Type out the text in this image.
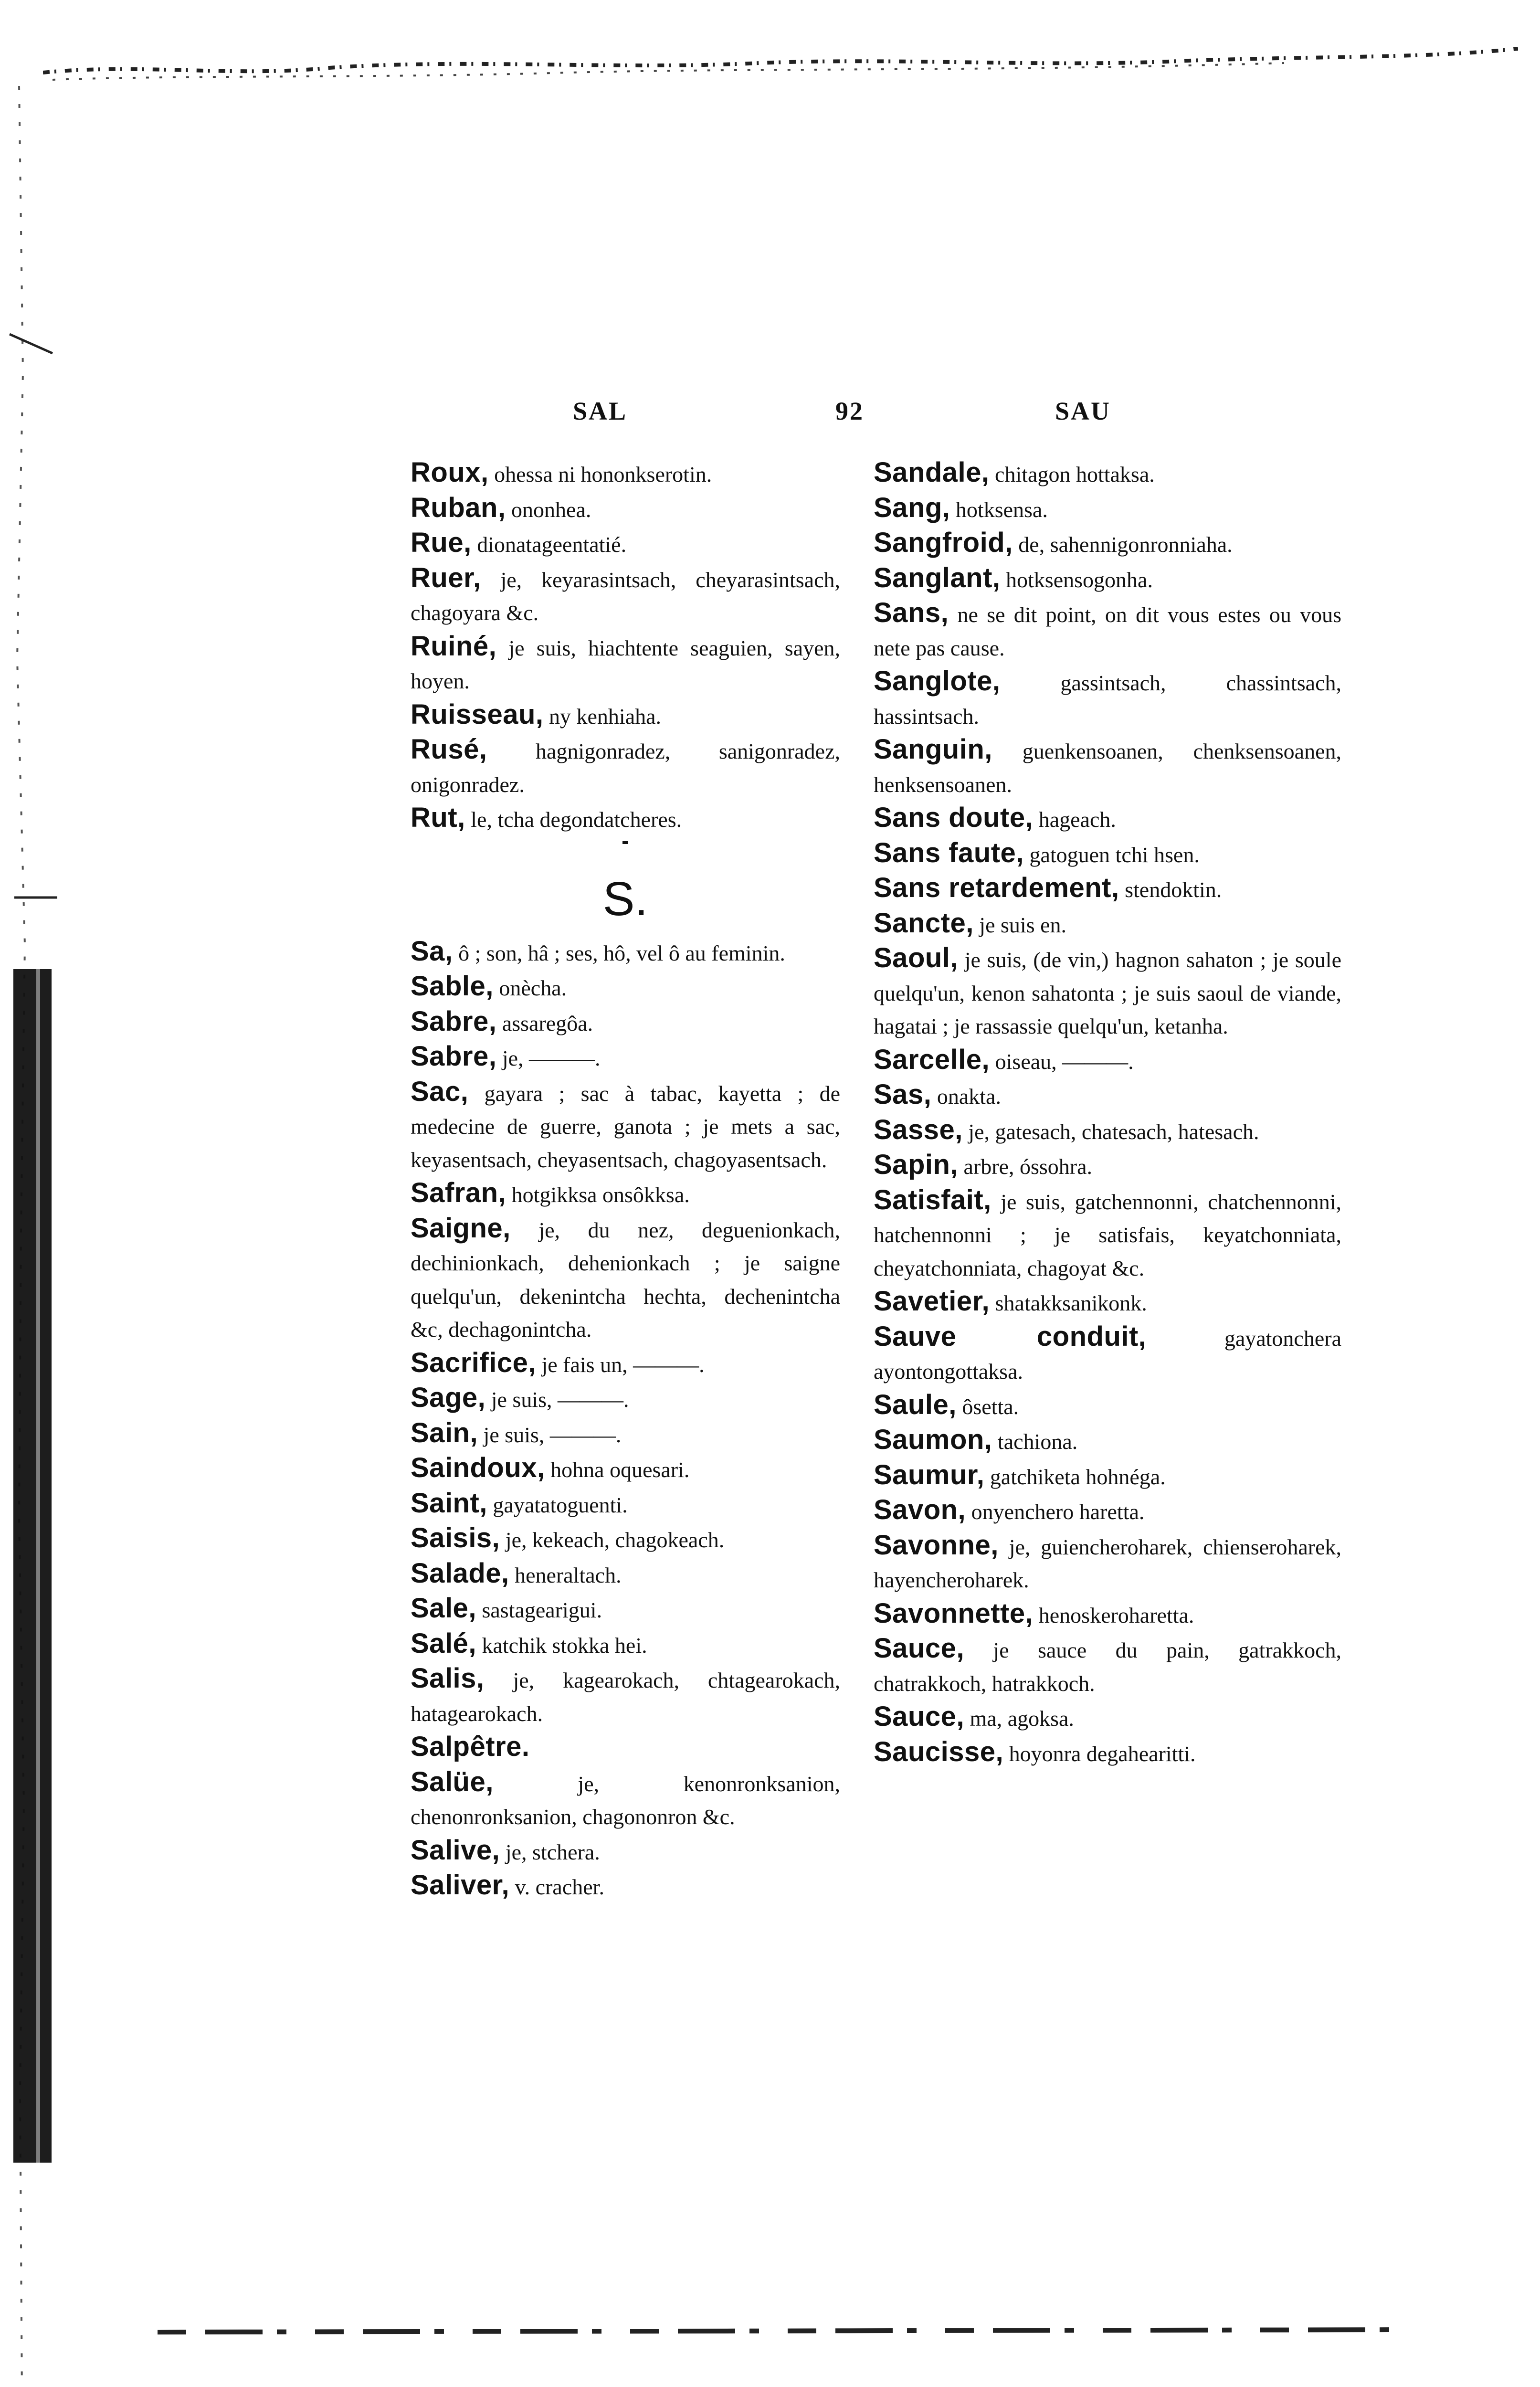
SAL	92	SAU
Roux, ohessa ni hononkserotin.
Ruban, ononhea.
Rue, dionatageentatié.
Ruer, je, keyarasintsach, cheyarasintsach, chagoyara &c.
Ruiné, je suis, hiachtente seaguien, sayen, hoyen.
Ruisseau, ny kenhiaha.
Rusé, hagnigonradez, sanigonradez, onigonradez.
Rut, le, tcha degondatcheres.
S.
Sa, ô ; son, hâ ; ses, hô, vel ô au feminin.
Sable, onècha.
Sabre, assaregôa.
Sabre, je, ———.
Sac, gayara ; sac à tabac, kayetta ; de medecine de guerre, ganota ; je mets a sac, keyasentsach, cheyasentsach, chagoyasentsach.
Safran, hotgikksa onsôkksa.
Saigne, je, du nez, deguenionkach, dechinionkach, dehenionkach ; je saigne quelqu'un, dekenintcha hechta, dechenintcha &c, dechagonintcha.
Sacrifice, je fais un, ———.
Sage, je suis, ———.
Sain, je suis, ———.
Saindoux, hohna oquesari.
Saint, gayatatoguenti.
Saisis, je, kekeach, chagokeach.
Salade, heneraltach.
Sale, sastagearigui.
Salé, katchik stokka hei.
Salis, je, kagearokach, chtagearokach, hatagearokach.
Salpêtre.
Salüe, je, kenonronksanion, chenonronksanion, chagononron &c.
Salive, je, stchera.
Saliver, v. cracher.
Sandale, chitagon hottaksa.
Sang, hotksensa.
Sangfroid, de, sahennigonronniaha.
Sanglant, hotksensogonha.
Sans, ne se dit point, on dit vous estes ou vous nete pas cause.
Sanglote, gassintsach, chassintsach, hassintsach.
Sanguin, guenkensoanen, chenksensoanen, henksensoanen.
Sans doute, hageach.
Sans faute, gatoguen tchi hsen.
Sans retardement, stendoktin.
Sancte, je suis en.
Saoul, je suis, (de vin,) hagnon sahaton ; je soule quelqu'un, kenon sahatonta ; je suis saoul de viande, hagatai ; je rassassie quelqu'un, ketanha.
Sarcelle, oiseau, ———.
Sas, onakta.
Sasse, je, gatesach, chatesach, hatesach.
Sapin, arbre, óssohra.
Satisfait, je suis, gatchennonni, chatchennonni, hatchennonni ; je satisfais, keyatchonniata, cheyatchonniata, chagoyat &c.
Savetier, shatakksanikonk.
Sauve conduit, gayatonchera ayontongottaksa.
Saule, ôsetta.
Saumon, tachiona.
Saumur, gatchiketa hohnéga.
Savon, onyenchero haretta.
Savonne, je, guiencheroharek, chienseroharek, hayencheroharek.
Savonnette, henoskeroharetta.
Sauce, je sauce du pain, gatrakkoch, chatrakkoch, hatrakkoch.
Sauce, ma, agoksa.
Saucisse, hoyonra degahearitti.
